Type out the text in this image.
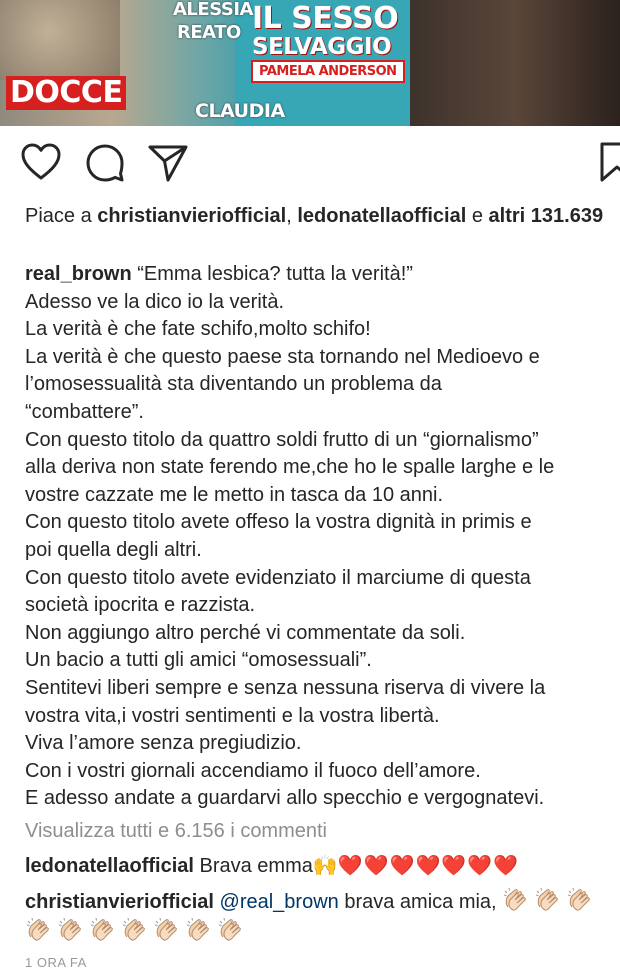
ALESSIA
REATO IL SESSO
SELVAGGIO
PAMELA ANDERSON
DOCCE
CLAUDIA
Piace a christianvieriofficial, ledonatellaofficial e altri 131.639
real_brown “Emma lesbica? tutta la verità!”
Adesso ve la dico io la verità.
La verità è che fate schifo,molto schifo!
La verità è che questo paese sta tornando nel Medioevo e
l’omosessualità sta diventando un problema da
“combattere”.
Con questo titolo da quattro soldi frutto di un “giornalismo”
alla deriva non state ferendo me,che ho le spalle larghe e le
vostre cazzate me le metto in tasca da 10 anni.
Con questo titolo avete offeso la vostra dignità in primis e
poi quella degli altri.
Con questo titolo avete evidenziato il marciume di questa
società ipocrita e razzista.
Non aggiungo altro perché vi commentate da soli.
Un bacio a tutti gli amici “omosessuali”.
Sentitevi liberi sempre e senza nessuna riserva di vivere la
vostra vita,i vostri sentimenti e la vostra libertà.
Viva l’amore senza pregiudizio.
Con i vostri giornali accendiamo il fuoco dell’amore.
E adesso andate a guardarvi allo specchio e vergognatevi.
Visualizza tutti e 6.156 i commenti
ledonatellaofficial Brava emma🙌❤️❤️❤️❤️❤️❤️❤️
christianvieriofficial @real_brown brava amica mia,
1 ORA FA
